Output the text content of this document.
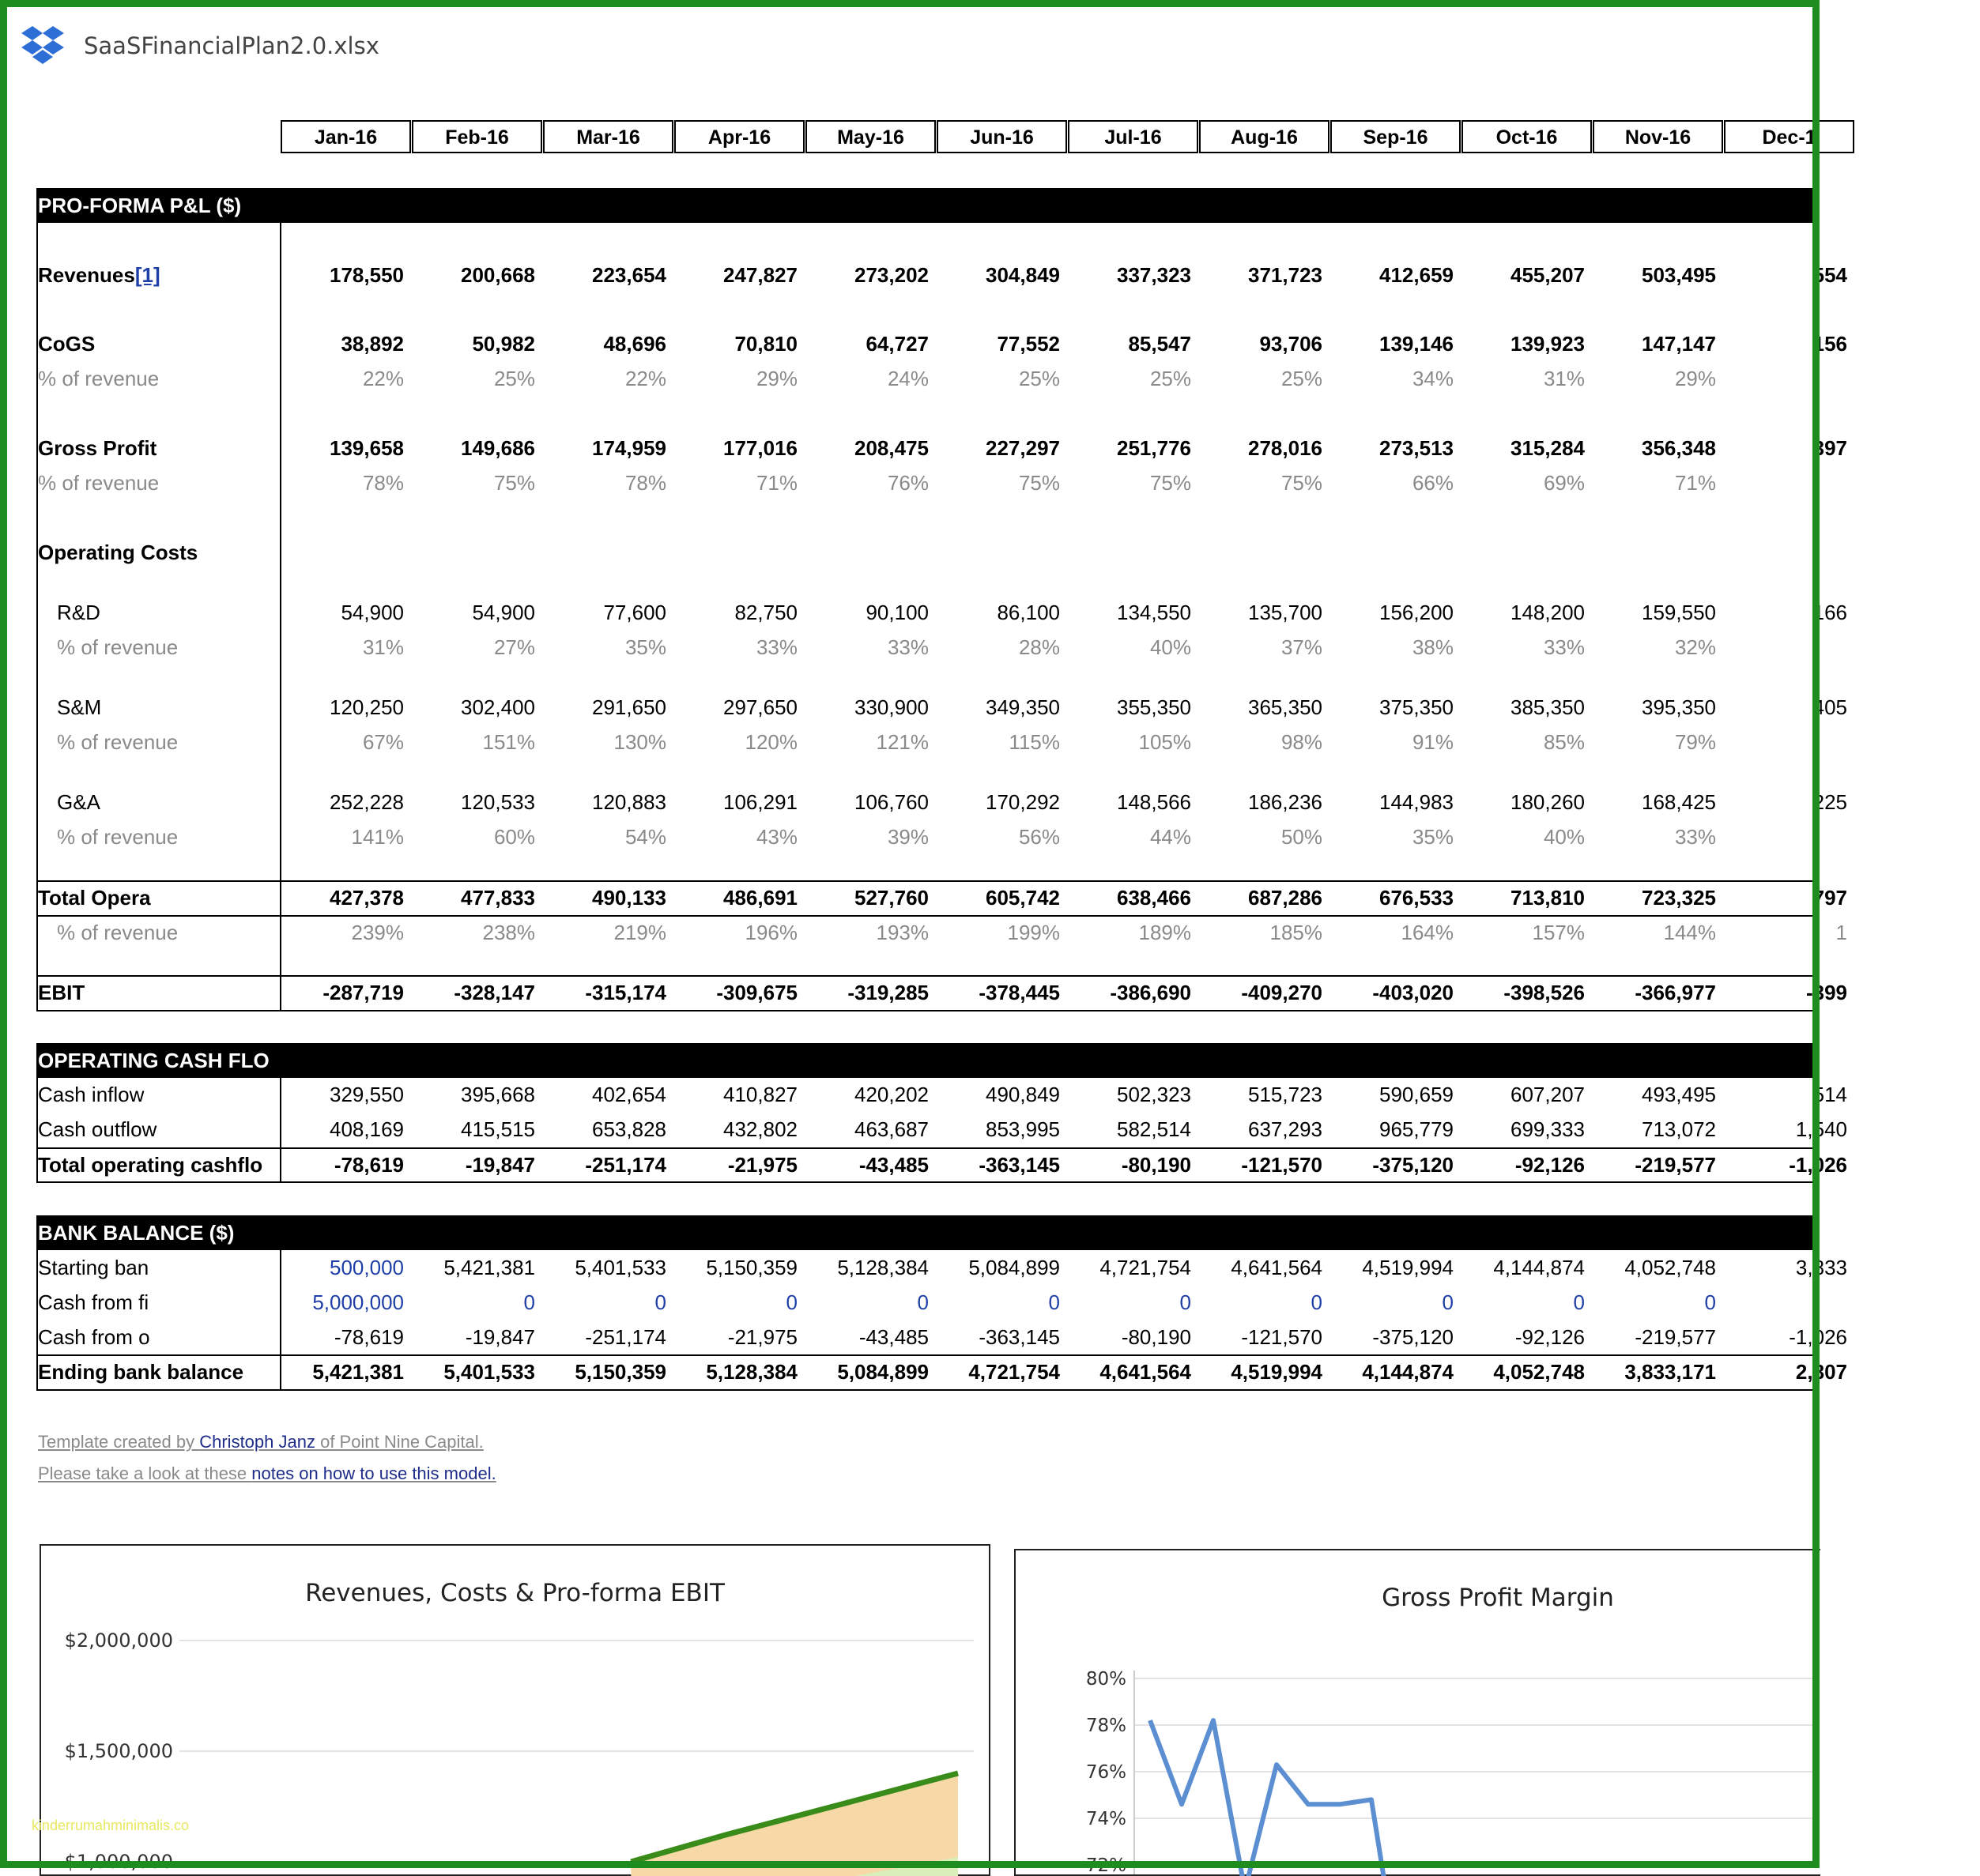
SaaSFinancialPlan2.0.xlsx
Jan-16	Feb-16	Mar-16	Apr-16	May-16	Jun-16	Jul-16	Aug-16	Sep-16	Oct-16	Nov-16	Dec-1
PRO-FORMA P&L ($)
Revenues[1]	178,550	200,668	223,654	247,827	273,202	304,849	337,323	371,723	412,659	455,207	503,495	554
CoGS	38,892	50,982	48,696	70,810	64,727	77,552	85,547	93,706	139,146	139,923	147,147	156
% of revenue	22%	25%	22%	29%	24%	25%	25%	25%	34%	31%	29%
Gross Profit	139,658	149,686	174,959	177,016	208,475	227,297	251,776	278,016	273,513	315,284	356,348	397
% of revenue	78%	75%	78%	71%	76%	75%	75%	75%	66%	69%	71%
Operating Costs
R&D	54,900	54,900	77,600	82,750	90,100	86,100	134,550	135,700	156,200	148,200	159,550	166
% of revenue	31%	27%	35%	33%	33%	28%	40%	37%	38%	33%	32%
S&M	120,250	302,400	291,650	297,650	330,900	349,350	355,350	365,350	375,350	385,350	395,350	405
% of revenue	67%	151%	130%	120%	121%	115%	105%	98%	91%	85%	79%
G&A	252,228	120,533	120,883	106,291	106,760	170,292	148,566	186,236	144,983	180,260	168,425	225
% of revenue	141%	60%	54%	43%	39%	56%	44%	50%	35%	40%	33%
Total Opera	427,378	477,833	490,133	486,691	527,760	605,742	638,466	687,286	676,533	713,810	723,325	797
% of revenue	239%	238%	219%	196%	193%	199%	189%	185%	164%	157%	144%	1
EBIT	-287,719	-328,147	-315,174	-309,675	-319,285	-378,445	-386,690	-409,270	-403,020	-398,526	-366,977	-399
OPERATING CASH FLO
Cash inflow	329,550	395,668	402,654	410,827	420,202	490,849	502,323	515,723	590,659	607,207	493,495	514
Cash outflow	408,169	415,515	653,828	432,802	463,687	853,995	582,514	637,293	965,779	699,333	713,072	1,540
Total operating cashflo	-78,619	-19,847	-251,174	-21,975	-43,485	-363,145	-80,190	-121,570	-375,120	-92,126	-219,577	-1,026
BANK BALANCE ($)
Starting ban	500,000	5,421,381	5,401,533	5,150,359	5,128,384	5,084,899	4,721,754	4,641,564	4,519,994	4,144,874	4,052,748	3,833
Cash from fi	5,000,000	0	0	0	0	0	0	0	0	0	0
Cash from o	-78,619	-19,847	-251,174	-21,975	-43,485	-363,145	-80,190	-121,570	-375,120	-92,126	-219,577	-1,026
Ending bank balance	5,421,381	5,401,533	5,150,359	5,128,384	5,084,899	4,721,754	4,641,564	4,519,994	4,144,874	4,052,748	3,833,171	2,807
Template created by Christoph Janz of Point Nine Capital.
Please take a look at these notes on how to use this model.
Revenues, Costs & Pro-forma EBIT
$2,000,000
$1,500,000
$1,000,000
Gross Profit Margin
80%
78%
76%
74%
72%
kinderrumahminimalis.co
